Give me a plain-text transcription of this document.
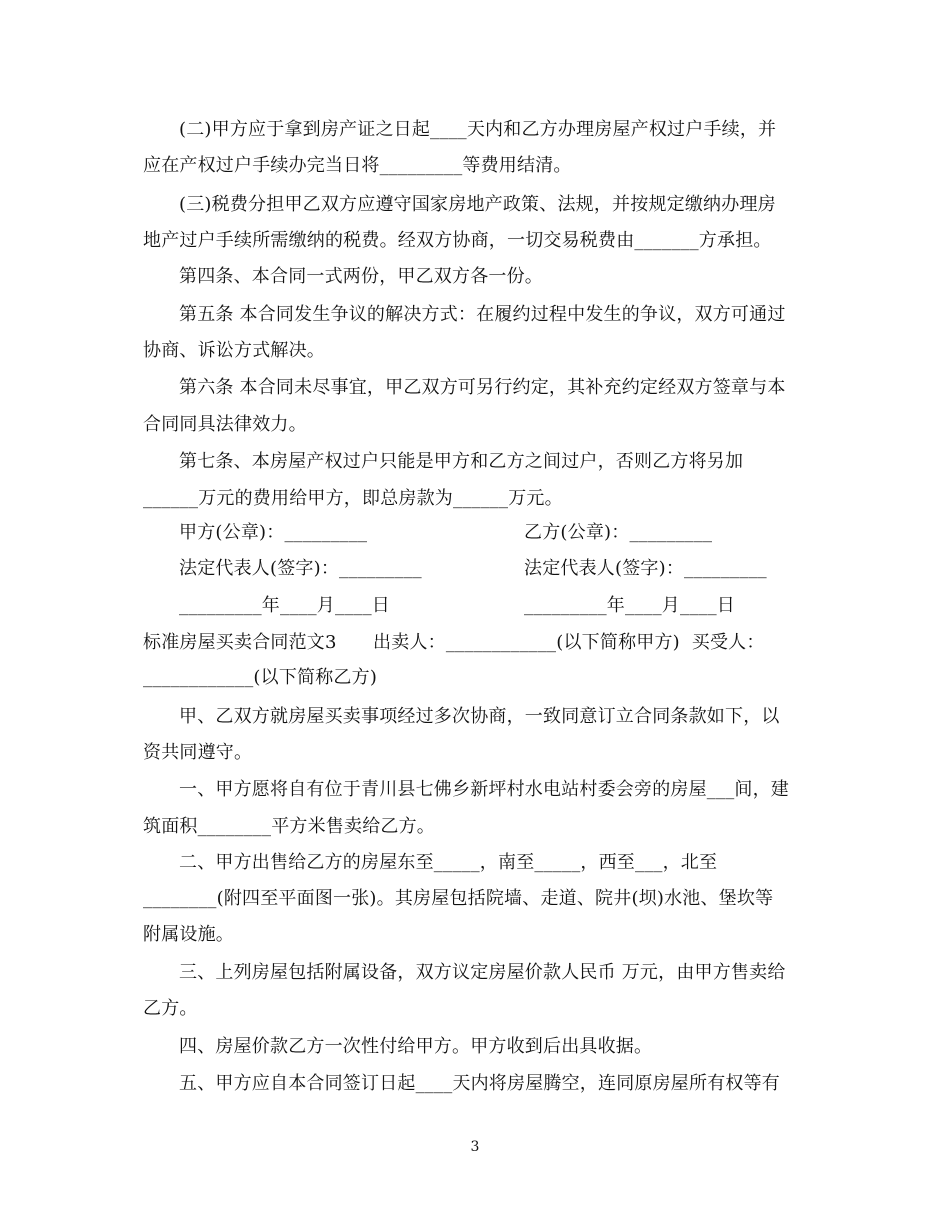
(二)甲方应于拿到房产证之日起____天内和乙方办理房屋产权过户手续，并
应在产权过户手续办完当日将_________等费用结清。
(三)税费分担甲乙双方应遵守国家房地产政策、法规，并按规定缴纳办理房
地产过户手续所需缴纳的税费。经双方协商，一切交易税费由_______方承担。
第四条、本合同一式两份，甲乙双方各一份。
第五条 本合同发生争议的解决方式：在履约过程中发生的争议，双方可通过
协商、诉讼方式解决。
第六条 本合同未尽事宜，甲乙双方可另行约定，其补充约定经双方签章与本
合同同具法律效力。
第七条、本房屋产权过户只能是甲方和乙方之间过户，否则乙方将另加
______万元的费用给甲方，即总房款为______万元。
甲方(公章)：_________	乙方(公章)：_________
法定代表人(签字)：_________	法定代表人(签字)：_________
_________年____月____日	_________年____月____日
标准房屋买卖合同范文3　　出卖人：____________(以下简称甲方)  买受人：
____________(以下简称乙方)
甲、乙双方就房屋买卖事项经过多次协商，一致同意订立合同条款如下，以
资共同遵守。
一、甲方愿将自有位于青川县七佛乡新坪村水电站村委会旁的房屋___间，建
筑面积________平方米售卖给乙方。
二、甲方出售给乙方的房屋东至_____，南至_____，西至___，北至
________(附四至平面图一张)。其房屋包括院墙、走道、院井(坝)水池、堡坎等
附属设施。
三、上列房屋包括附属设备，双方议定房屋价款人民币 万元，由甲方售卖给
乙方。
四、房屋价款乙方一次性付给甲方。甲方收到后出具收据。
五、甲方应自本合同签订日起____天内将房屋腾空，连同原房屋所有权等有
3
